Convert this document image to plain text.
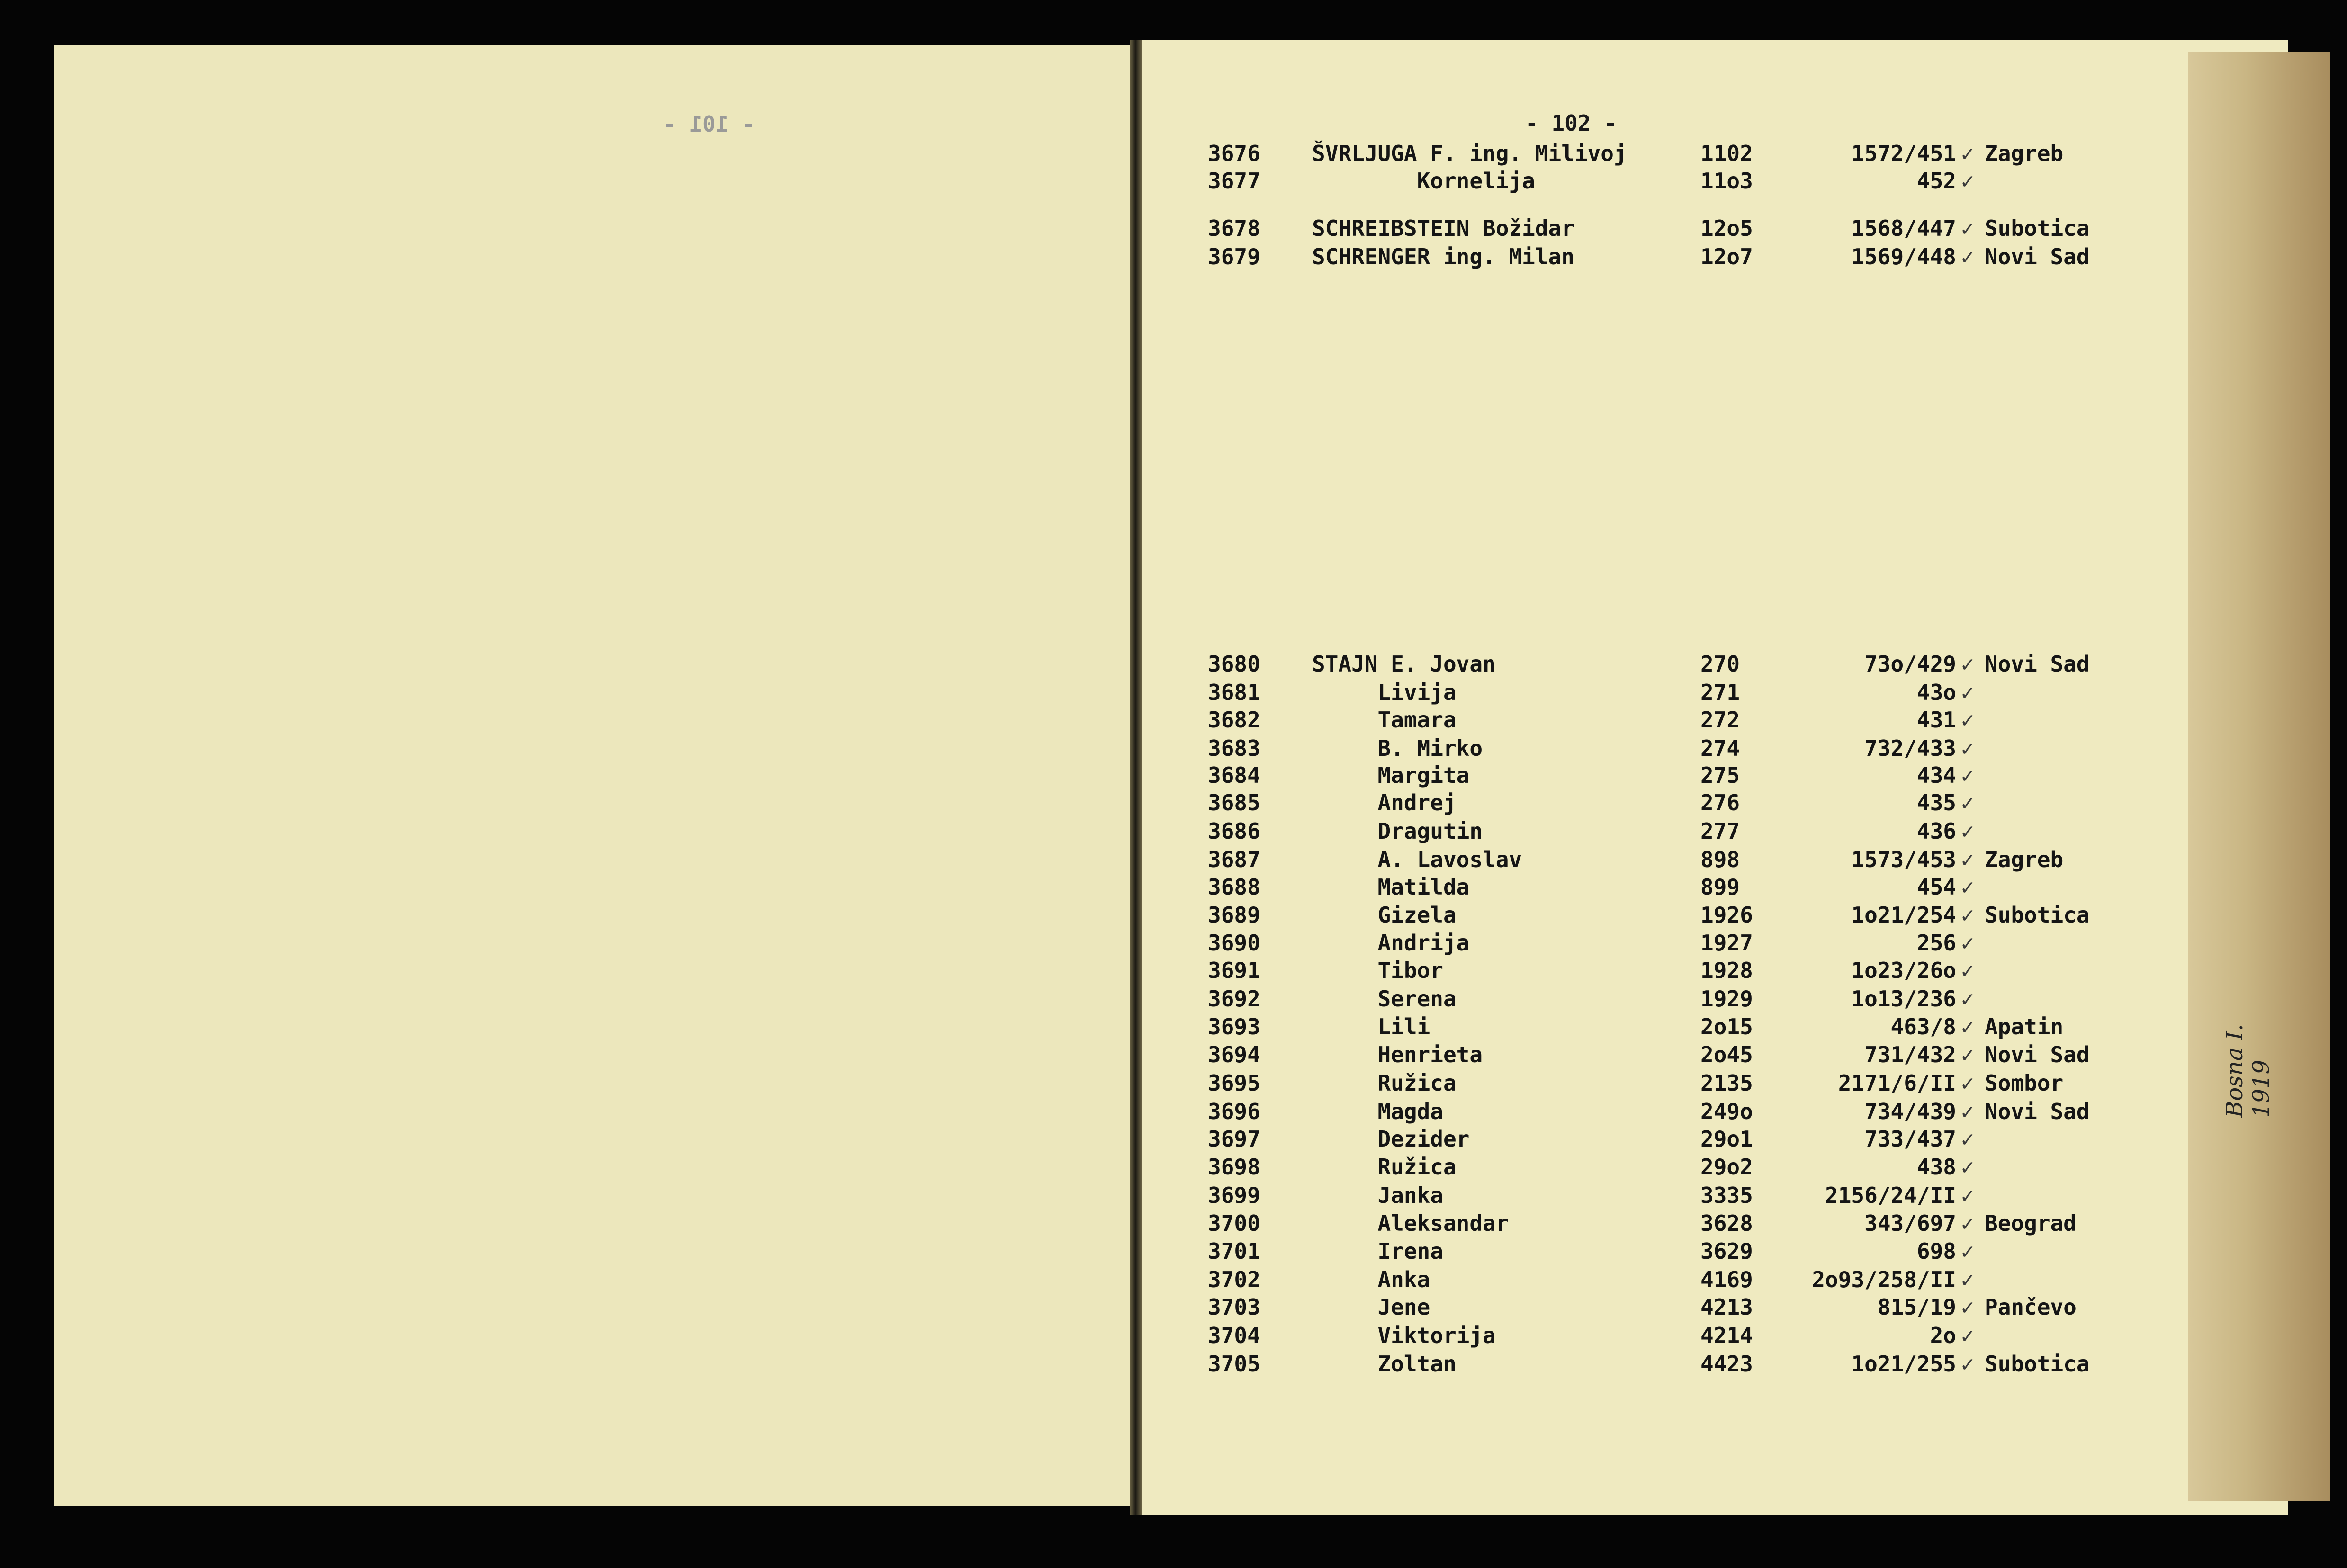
- 101 -	- 102 -
3676 ŠVRLJUGA F. ing. Milivoj	1102	1572/451 ✓ Zagreb
3677 Kornelija	11o3	452 ✓
3678 SCHREIBSTEIN Božidar	12o5	1568/447 ✓ Subotica
3679 SCHRENGER ing. Milan	12o7	1569/448 ✓ Novi Sad
3680 STAJN E. Jovan	270	73o/429 ✓ Novi Sad
3681 Livija	271	43o ✓
3682 Tamara	272	431 ✓
3683 B. Mirko	274	732/433 ✓
3684 Margita	275	434 ✓
3685 Andrej	276	435 ✓
3686 Dragutin	277	436 ✓
3687 A. Lavoslav	898	1573/453 ✓ Zagreb
3688 Matilda	899	454 ✓
3689 Gizela	1926	1o21/254 ✓ Subotica
3690 Andrija	1927	256 ✓
3691 Tibor	1928	1o23/26o ✓
3692 Serena	1929	1o13/236 ✓
3693 Lili	2o15	463/8 ✓ Apatin
3694 Henrieta	2o45	731/432 ✓ Novi Sad
3695 Ružica	2135	2171/6/II ✓ Sombor
3696 Magda	249o	734/439 ✓ Novi Sad
3697 Dezider	29o1	733/437 ✓
3698 Ružica	29o2	438 ✓
3699 Janka	3335	2156/24/II ✓
3700 Aleksandar	3628	343/697 ✓ Beograd
3701 Irena	3629	698 ✓
3702 Anka	4169	2o93/258/II ✓
3703 Jene	4213	815/19 ✓ Pančevo
3704 Viktorija	4214	2o ✓
3705 Zoltan	4423	1o21/255 ✓ Subotica
Bosna I. 1919
